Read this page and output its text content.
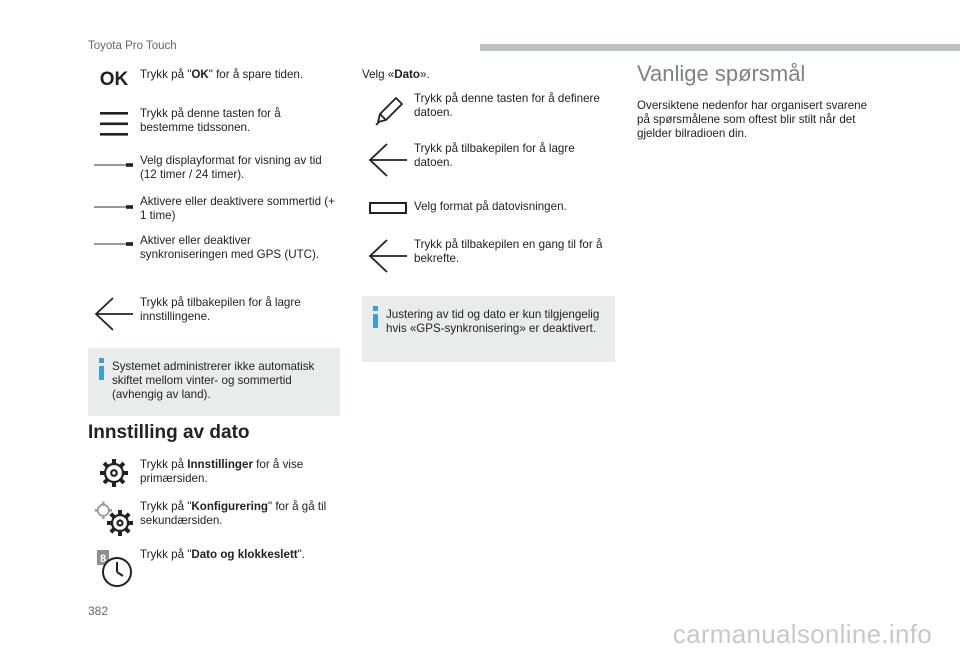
Toyota Pro Touch
OK Trykk på "OK" for å spare tiden.
Trykk på denne tasten for å bestemme tidssonen.
Velg displayformat for visning av tid (12 timer / 24 timer).
Aktivere eller deaktivere sommertid (+ 1 time)
Aktiver eller deaktiver synkroniseringen med GPS (UTC).
Trykk på tilbakepilen for å lagre innstillingene.
Systemet administrerer ikke automatisk skiftet mellom vinter- og sommertid (avhengig av land).
Innstilling av dato
Trykk på Innstillinger for å vise primærsiden.
Trykk på "Konfigurering" for å gå til sekundærsiden.
8	Trykk på "Dato og klokkeslett".
Velg «Dato».
Trykk på denne tasten for å definere datoen.
Trykk på tilbakepilen for å lagre datoen.
Velg format på datovisningen.
Trykk på tilbakepilen en gang til for å bekrefte.
Justering av tid og dato er kun tilgjengelig hvis «GPS-synkronisering» er deaktivert.
Vanlige spørsmål
Oversiktene nedenfor har organisert svarene på spørsmålene som oftest blir stilt når det gjelder bilradioen din.
382
carmanualsonline.info
